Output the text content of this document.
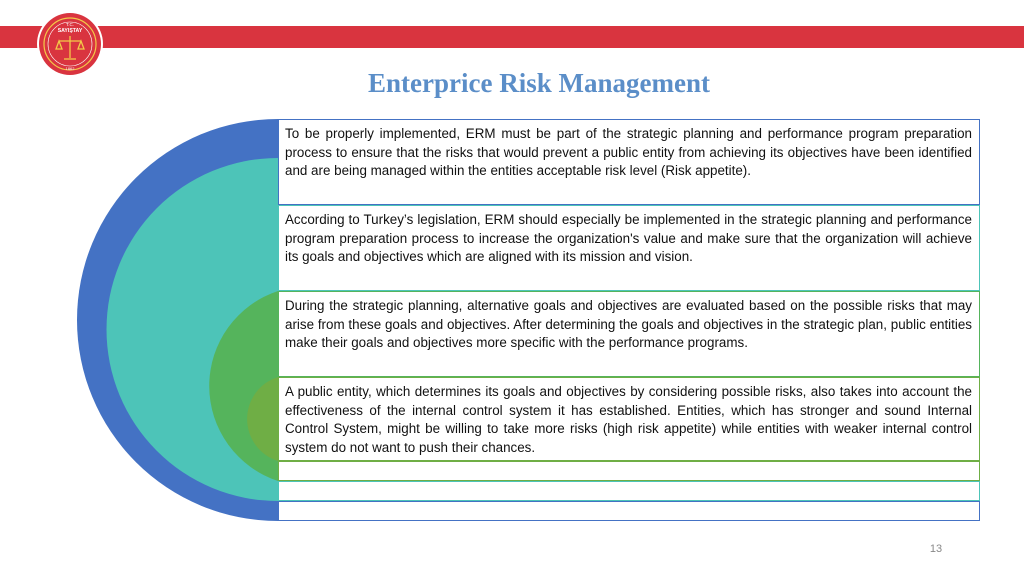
T.C.
SAYIŞTAY
1862	Enterprice Risk Management
To be properly implemented, ERM must be part of the strategic planning and performance program preparation process to ensure that the risks that would prevent a public entity from achieving its objectives have been identified and are being managed within the entities acceptable risk level (Risk appetite).
According to Turkey’s legislation, ERM should especially be implemented in the strategic planning and performance program preparation process to increase the organization's value and make sure that the organization will achieve its goals and objectives which are aligned with its mission and vision.
During the strategic planning, alternative goals and objectives are evaluated based on the possible risks that may arise from these goals and objectives. After determining the goals and objectives in the strategic plan, public entities make their goals and objectives more specific with the performance programs.
A public entity, which determines its goals and objectives by considering possible risks, also takes into account the effectiveness of the internal control system it has established. Entities, which has stronger and sound Internal Control System, might be willing to take more risks (high risk appetite) while entities with weaker internal control system do not want to push their chances.
13
